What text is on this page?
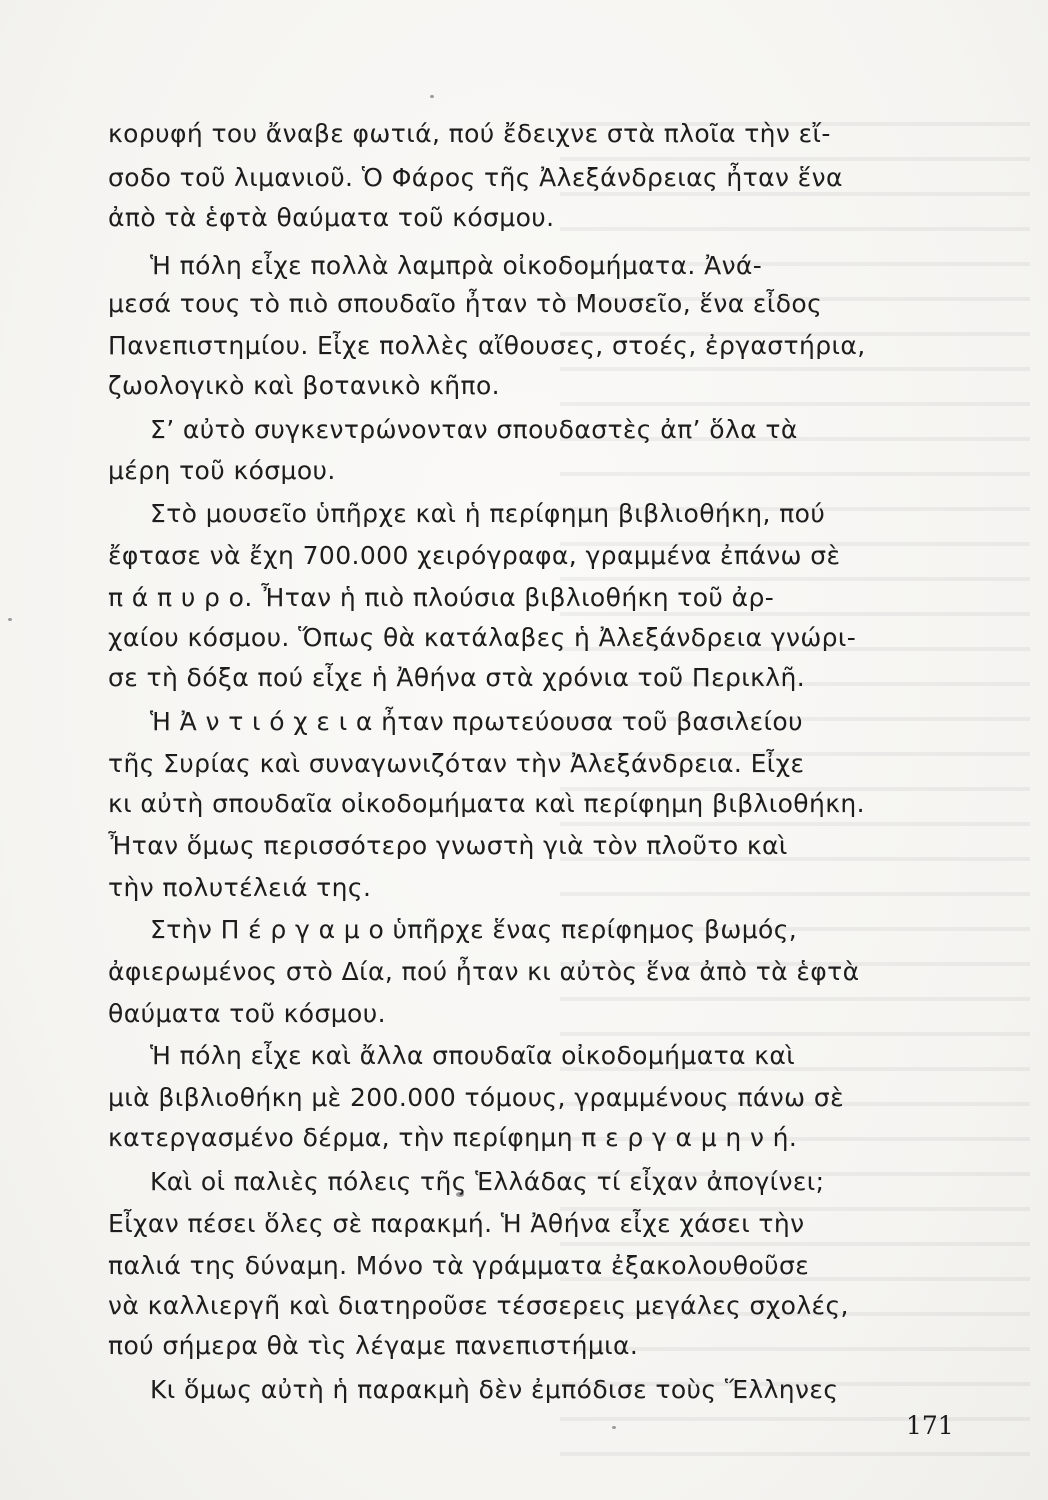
κορυφή του ἄναβε φωτιά, πού ἔδειχνε στὰ πλοῖα τὴν εἴ-
σοδο τοῦ λιμανιοῦ. Ὁ Φάρος τῆς Ἀλεξάνδρειας ἦταν ἕνα
ἀπὸ τὰ ἑφτὰ θαύματα τοῦ κόσμου.
Ἡ πόλη εἶχε πολλὰ λαμπρὰ οἰκοδομήματα. Ἀνά-
μεσά τους τὸ πιὸ σπουδαῖο ἦταν τὸ Μουσεῖο, ἕνα εἶδος
Πανεπιστημίου. Εἶχε πολλὲς αἴθουσες, στοές, ἐργαστήρια,
ζωολογικὸ καὶ βοτανικὸ κῆπο.
Σ’ αὐτὸ συγκεντρώνονταν σπουδαστὲς ἀπ’ ὅλα τὰ
μέρη τοῦ κόσμου.
Στὸ μουσεῖο ὑπῆρχε καὶ ἡ περίφημη βιβλιοθήκη, πού
ἔφτασε νὰ ἔχη 700.000 χειρόγραφα, γραμμένα ἐπάνω σὲ
π ά π υ ρ ο. Ἦταν ἡ πιὸ πλούσια βιβλιοθήκη τοῦ ἀρ-
χαίου κόσμου. Ὅπως θὰ κατάλαβες ἡ Ἀλεξάνδρεια γνώρι-
σε τὴ δόξα πού εἶχε ἡ Ἀθήνα στὰ χρόνια τοῦ Περικλῆ.
Ἡ Ἀ ν τ ι ό χ ε ι α ἦταν πρωτεύουσα τοῦ βασιλείου
τῆς Συρίας καὶ συναγωνιζόταν τὴν Ἀλεξάνδρεια. Εἶχε
κι αὐτὴ σπουδαῖα οἰκοδομήματα καὶ περίφημη βιβλιοθήκη.
Ἦταν ὅμως περισσότερο γνωστὴ γιὰ τὸν πλοῦτο καὶ
τὴν πολυτέλειά της.
Στὴν Π έ ρ γ α μ ο ὑπῆρχε ἕνας περίφημος βωμός,
ἀφιερωμένος στὸ Δία, πού ἦταν κι αὐτὸς ἕνα ἀπὸ τὰ ἑφτὰ
θαύματα τοῦ κόσμου.
Ἡ πόλη εἶχε καὶ ἄλλα σπουδαῖα οἰκοδομήματα καὶ
μιὰ βιβλιοθήκη μὲ 200.000 τόμους, γραμμένους πάνω σὲ
κατεργασμένο δέρμα, τὴν περίφημη π ε ρ γ α μ η ν ή.
Καὶ οἱ παλιὲς πόλεις τῆς Ἑλλάδας τί εἶχαν ἀπογίνει;
Εἶχαν πέσει ὅλες σὲ παρακμή. Ἡ Ἀθήνα εἶχε χάσει τὴν
παλιά της δύναμη. Μόνο τὰ γράμματα ἐξακολουθοῦσε
νὰ καλλιεργῆ καὶ διατηροῦσε τέσσερεις μεγάλες σχολές,
πού σήμερα θὰ τὶς λέγαμε πανεπιστήμια.
Κι ὅμως αὐτὴ ἡ παρακμὴ δὲν ἐμπόδισε τοὺς Ἕλληνες
171
